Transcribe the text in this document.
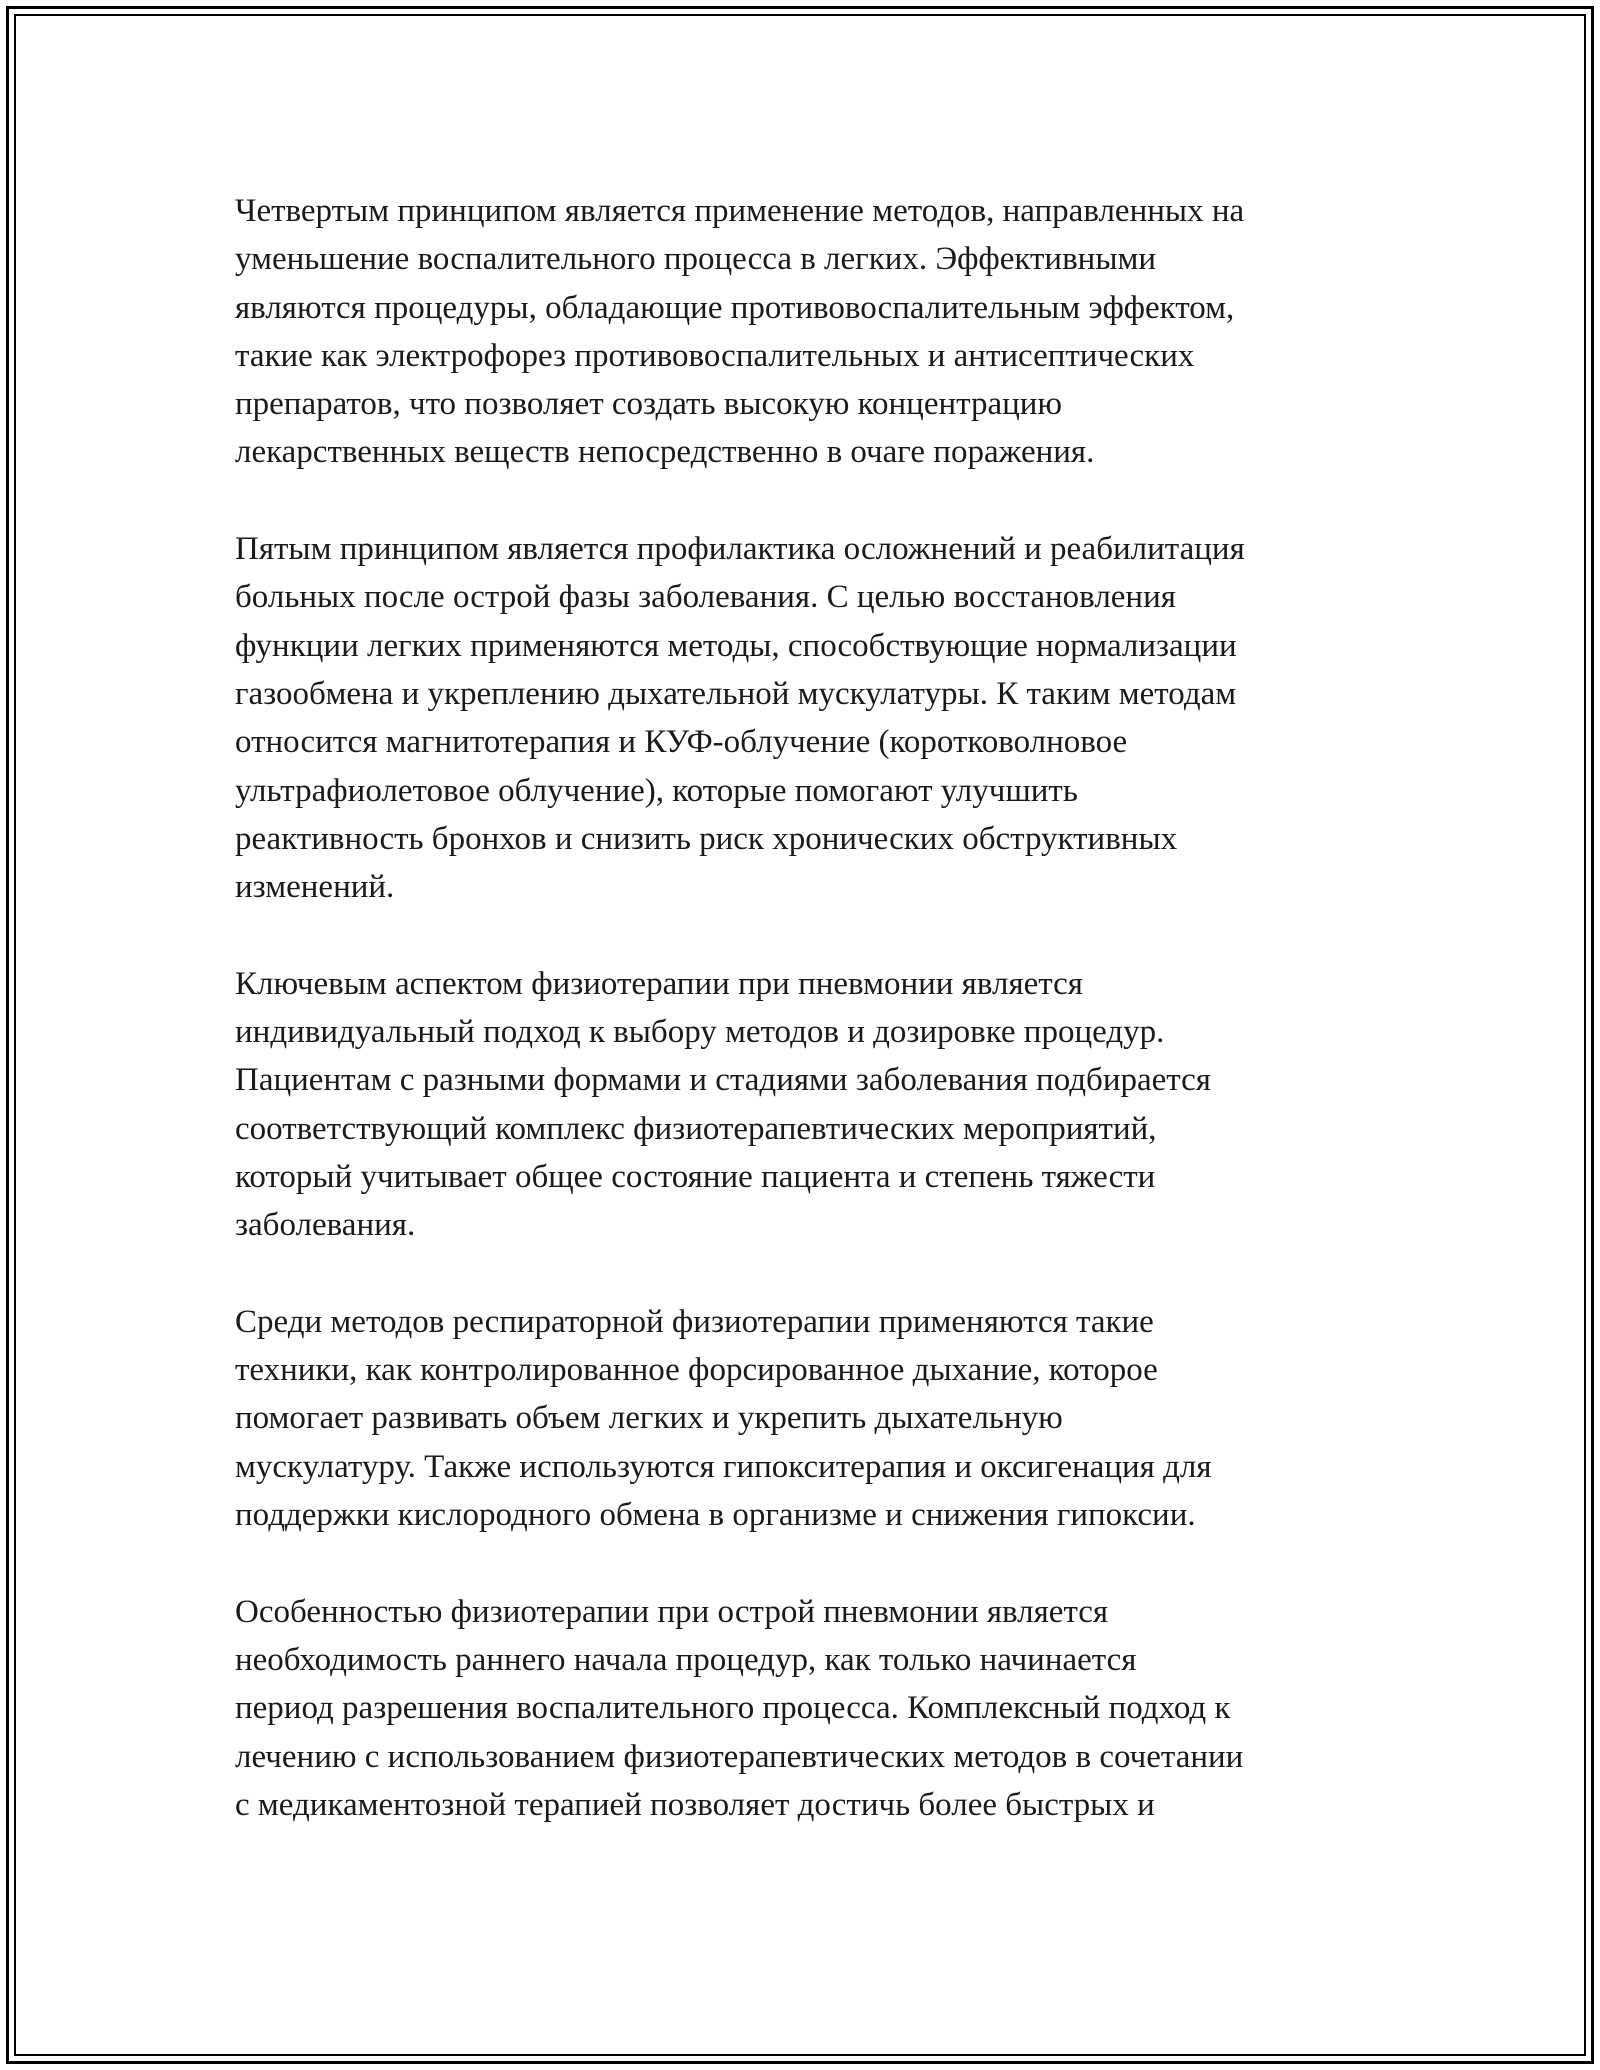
Четвертым принципом является применение методов, направленных на
уменьшение воспалительного процесса в легких. Эффективными
являются процедуры, обладающие противовоспалительным эффектом,
такие как электрофорез противовоспалительных и антисептических
препаратов, что позволяет создать высокую концентрацию
лекарственных веществ непосредственно в очаге поражения.

Пятым принципом является профилактика осложнений и реабилитация
больных после острой фазы заболевания. С целью восстановления
функции легких применяются методы, способствующие нормализации
газообмена и укреплению дыхательной мускулатуры. К таким методам
относится магнитотерапия и КУФ-облучение (коротковолновое
ультрафиолетовое облучение), которые помогают улучшить
реактивность бронхов и снизить риск хронических обструктивных
изменений.

Ключевым аспектом физиотерапии при пневмонии является
индивидуальный подход к выбору методов и дозировке процедур.
Пациентам с разными формами и стадиями заболевания подбирается
соответствующий комплекс физиотерапевтических мероприятий,
который учитывает общее состояние пациента и степень тяжести
заболевания.

Среди методов респираторной физиотерапии применяются такие
техники, как контролированное форсированное дыхание, которое
помогает развивать объем легких и укрепить дыхательную
мускулатуру. Также используются гипокситерапия и оксигенация для
поддержки кислородного обмена в организме и снижения гипоксии.

Особенностью физиотерапии при острой пневмонии является
необходимость раннего начала процедур, как только начинается
период разрешения воспалительного процесса. Комплексный подход к
лечению с использованием физиотерапевтических методов в сочетании
с медикаментозной терапией позволяет достичь более быстрых и
